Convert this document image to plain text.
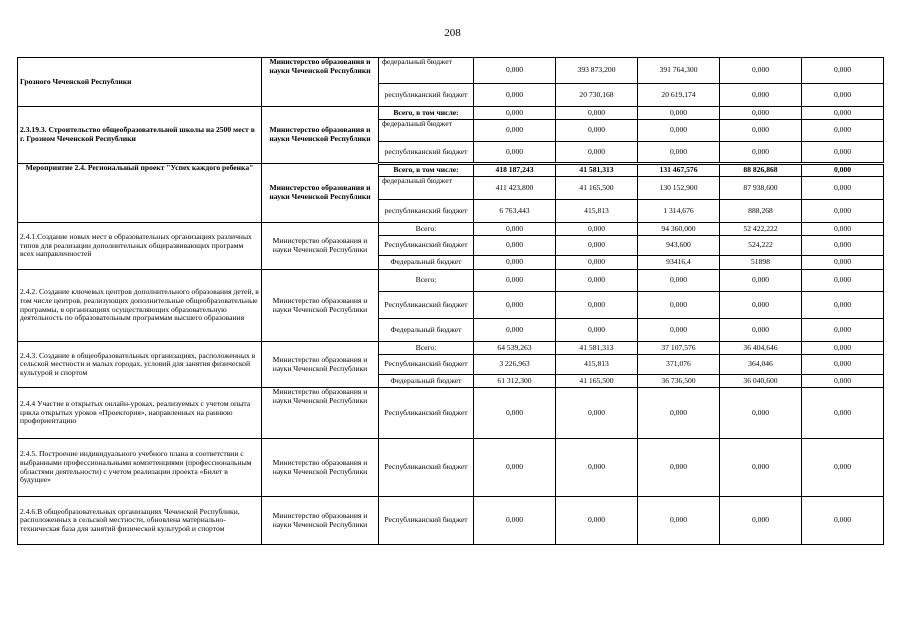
208
Грозного Чеченской Республики	Министерство образования и науки Чеченской Республики	федеральный бюджет	0,000	393 873,200	391 764,300	0,000	0,000
		республиканский бюджет	0,000	20 730,168	20 619,174	0,000	0,000
2.3.19.3. Строительство общеобразовательной школы на 2500 мест в г. Грозном Чеченской Республики	Министерство образования и науки Чеченской Республики	Всего, в том числе:	0,000	0,000	0,000	0,000	0,000
		федеральный бюджет	0,000	0,000	0,000	0,000	0,000
		республиканский бюджет	0,000	0,000	0,000	0,000	0,000
Мероприятие 2.4. Региональный проект "Успех каждого ребенка"	Министерство образования и науки Чеченской Республики	Всего, в том числе:	418 187,243	41 581,313	131 467,576	88 826,868	0,000
		федеральный бюджет	411 423,800	41 165,500	130 152,900	87 938,600	0,000
		республиканский бюджет	6 763,443	415,813	1 314,676	888,268	0,000
2.4.1.Создание новых мест в образовательных организациях различных типов для реализации дополнительных общеразвивающих программ всех направленностей	Министерство образования и науки Чеченской Республики	Всего:	0,000	0,000	94 360,000	52 422,222	0,000
		Республиканский бюджет	0,000	0,000	943,600	524,222	0,000
		Федеральный бюджет	0,000	0,000	93416,4	51898	0,000
2.4.2. Создание ключевых центров дополнительного образования детей, в том числе центров, реализующих дополнительные общеобразовательные программы, в организациях осуществляющих образовательную деятельность по образовательным программам высшего образования	Министерство образования и науки Чеченской Республики	Всего:	0,000	0,000	0,000	0,000	0,000
		Республиканский бюджет	0,000	0,000	0,000	0,000	0,000
		Федеральный бюджет	0,000	0,000	0,000	0,000	0,000
2.4.3. Создание в общеобразовательных организациях, расположенных в сельской местности и малых городах, условий для занятия физической культурой и спортом	Министерство образования и науки Чеченской Республики	Всего:	64 539,263	41 581,313	37 107,576	36 404,646	0,000
		Республиканский бюджет	3 226,963	415,813	371,076	364,046	0,000
		Федеральный бюджет	61 312,300	41 165,500	36 736,500	36 040,600	0,000
2.4.4 Участие в открытых онлайн-уроках, реализуемых с учетом опыта цикла открытых уроков «Проектория», направленных на раннюю профориентацию	Министерство образования и науки Чеченской Республики	Республиканский бюджет	0,000	0,000	0,000	0,000	0,000
2.4.5. Построение индивидуального учебного плана в соответствии с выбранными профессиональными компетенциями (профессиональным областями деятельности) с учетом реализации проекта «Билет в будущее»	Министерство образования и науки Чеченской Республики	Республиканский бюджет	0,000	0,000	0,000	0,000	0,000
2.4.6.В общеобразовательных организациях Чеченской Республики, расположенных в сельской местности, обновлена материально-техническая база для занятий физической культурой и спортом	Министерство образования и науки Чеченской Республики	Республиканский бюджет	0,000	0,000	0,000	0,000	0,000
